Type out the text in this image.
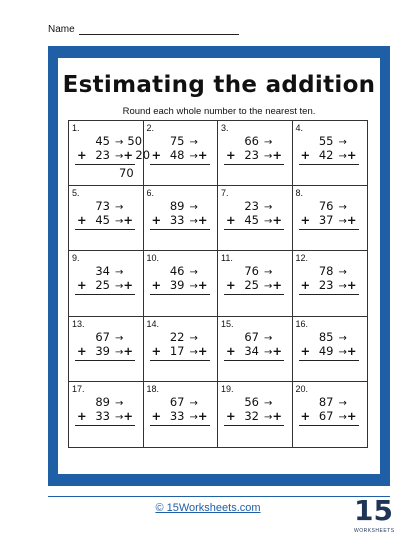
Name
Estimating the addition
Round each whole number to the nearest ten.
1.
45 → 50
+ 23 →+ 20
70
2.
75 →
+ 48 →+
3.
66 →
+ 23 →+
4.
55 →
+ 42 →+
5.
73 →
+ 45 →+
6.
89 →
+ 33 →+
7.
23 →
+ 45 →+
8.
76 →
+ 37 →+
9.
34 →
+ 25 →+
10.
46 →
+ 39 →+
11.
76 →
+ 25 →+
12.
78 →
+ 23 →+
13.
67 →
+ 39 →+
14.
22 →
+ 17 →+
15.
67 →
+ 34 →+
16.
85 →
+ 49 →+
17.
89 →
+ 33 →+
18.
67 →
+ 33 →+
19.
56 →
+ 32 →+
20.
87 →
+ 67 →+
© 15Worksheets.com	15
WORKSHEETS
